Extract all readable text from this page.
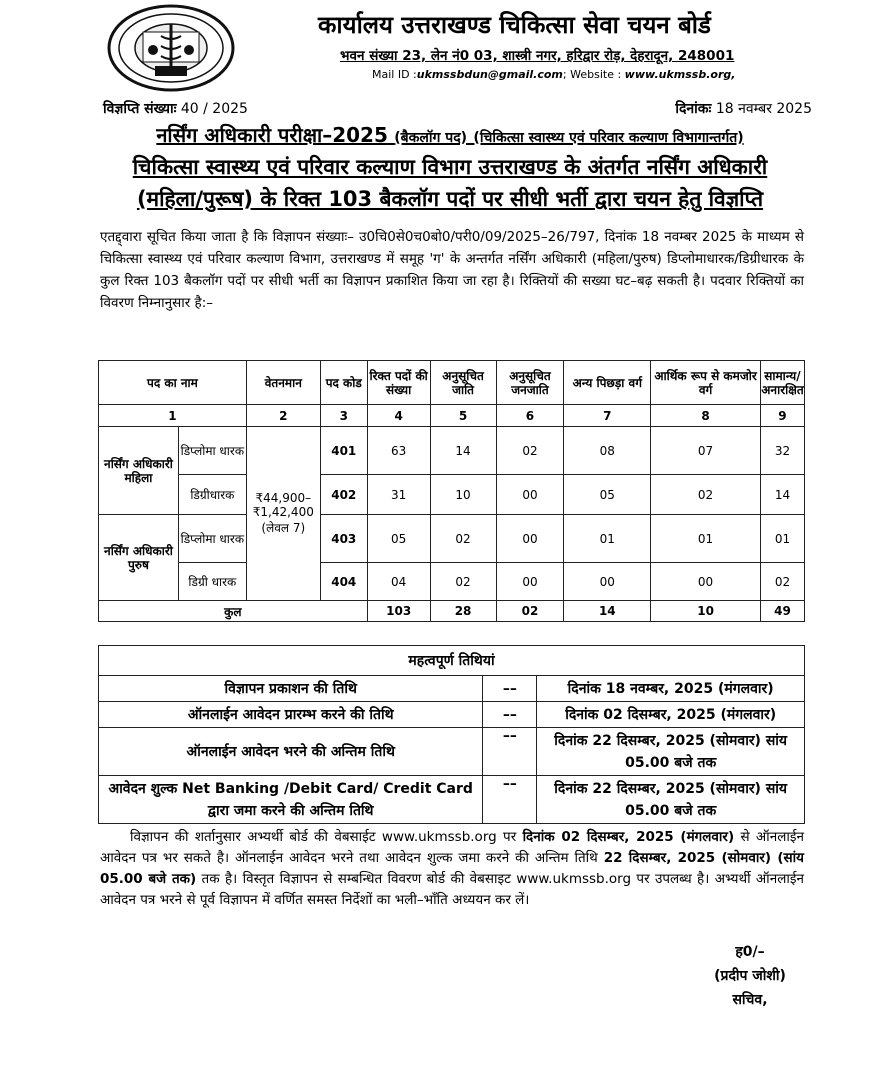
कार्यालय उत्तराखण्ड चिकित्सा सेवा चयन बोर्ड
भवन संख्या 23, लेन नं0 03, शास्त्री नगर, हरिद्वार रोड़, देहरादून, 248001
Mail ID :ukmssbdun@gmail.com; Website : www.ukmssb.org,
विज्ञप्ति संख्याः 40 / 2025	दिनांकः 18 नवम्बर 2025
नर्सिंग अधिकारी परीक्षा–2025 (बैकलॉग पद) (चिकित्सा स्वास्थ्य एवं परिवार कल्याण विभागान्तर्गत)
चिकित्सा स्वास्थ्य एवं परिवार कल्याण विभाग उत्तराखण्ड के अंतर्गत नर्सिंग अधिकारी
(महिला/पुरूष) के रिक्त 103 बैकलॉग पदों पर सीधी भर्ती द्वारा चयन हेतु विज्ञप्ति
एतद्द्वारा सूचित किया जाता है कि विज्ञापन संख्याः– उ0चि0से0च0बो0/परी0/09/2025–26/797, दिनांक 18 नवम्बर 2025 के माध्यम से चिकित्सा स्वास्थ्य एवं परिवार कल्याण विभाग, उत्तराखण्ड में समूह 'ग' के अन्तर्गत नर्सिंग अधिकारी (महिला/पुरुष) डिप्लोमाधारक/डिग्रीधारक के कुल रिक्त 103 बैकलॉग पदों पर सीधी भर्ती का विज्ञापन प्रकाशित किया जा रहा है। रिक्तियों की सख्या घट–बढ़ सकती है। पदवार रिक्तियों का विवरण निम्नानुसार है:–
पद का नाम		वेतनमान	पद कोड	रिक्त पदों की संख्या	अनुसूचित जाति	अनुसूचित जनजाति	अन्य पिछड़ा वर्ग	आर्थिक रूप से कमजोर वर्ग	सामान्य/ अनारक्षित
1		2	3	4	5	6	7	8	9
नर्सिंग अधिकारी महिला	डिप्लोमा धारक	₹44,900–₹1,42,400 (लेवल 7)	401	63	14	02	08	07	32
	डिग्रीधारक		402	31	10	00	05	02	14
नर्सिंग अधिकारी पुरुष	डिप्लोमा धारक		403	05	02	00	01	01	01
	डिग्री धारक		404	04	02	00	00	00	02
कुल				103	28	02	14	10	49
महत्वपूर्ण तिथियां		
विज्ञापन प्रकाशन की तिथि	––	दिनांक 18 नवम्बर, 2025 (मंगलवार)
ऑनलाईन आवेदन प्रारम्भ करने की तिथि	––	दिनांक 02 दिसम्बर, 2025 (मंगलवार)
ऑनलाईन आवेदन भरने की अन्तिम तिथि	––	दिनांक 22 दिसम्बर, 2025 (सोमवार) सांय 05.00 बजे तक
आवेदन शुल्क Net Banking /Debit Card/ Credit Card द्वारा जमा करने की अन्तिम तिथि	––	दिनांक 22 दिसम्बर, 2025 (सोमवार) सांय 05.00 बजे तक
विज्ञापन की शर्तानुसार अभ्यर्थी बोर्ड की वेबसाईट www.ukmssb.org पर दिनांक 02 दिसम्बर, 2025 (मंगलवार) से ऑनलाईन आवेदन पत्र भर सकते है। ऑनलाईन आवेदन भरने तथा आवेदन शुल्क जमा करने की अन्तिम तिथि 22 दिसम्बर, 2025 (सोमवार) (सांय 05.00 बजे तक) तक है। विस्तृत विज्ञापन से सम्बन्धित विवरण बोर्ड की वेबसाइट www.ukmssb.org पर उपलब्ध है। अभ्यर्थी ऑनलाईन आवेदन पत्र भरने से पूर्व विज्ञापन में वर्णित समस्त निर्देशों का भली–भाँति अध्ययन कर लें।
ह0/–
(प्रदीप जोशी)
सचिव,
